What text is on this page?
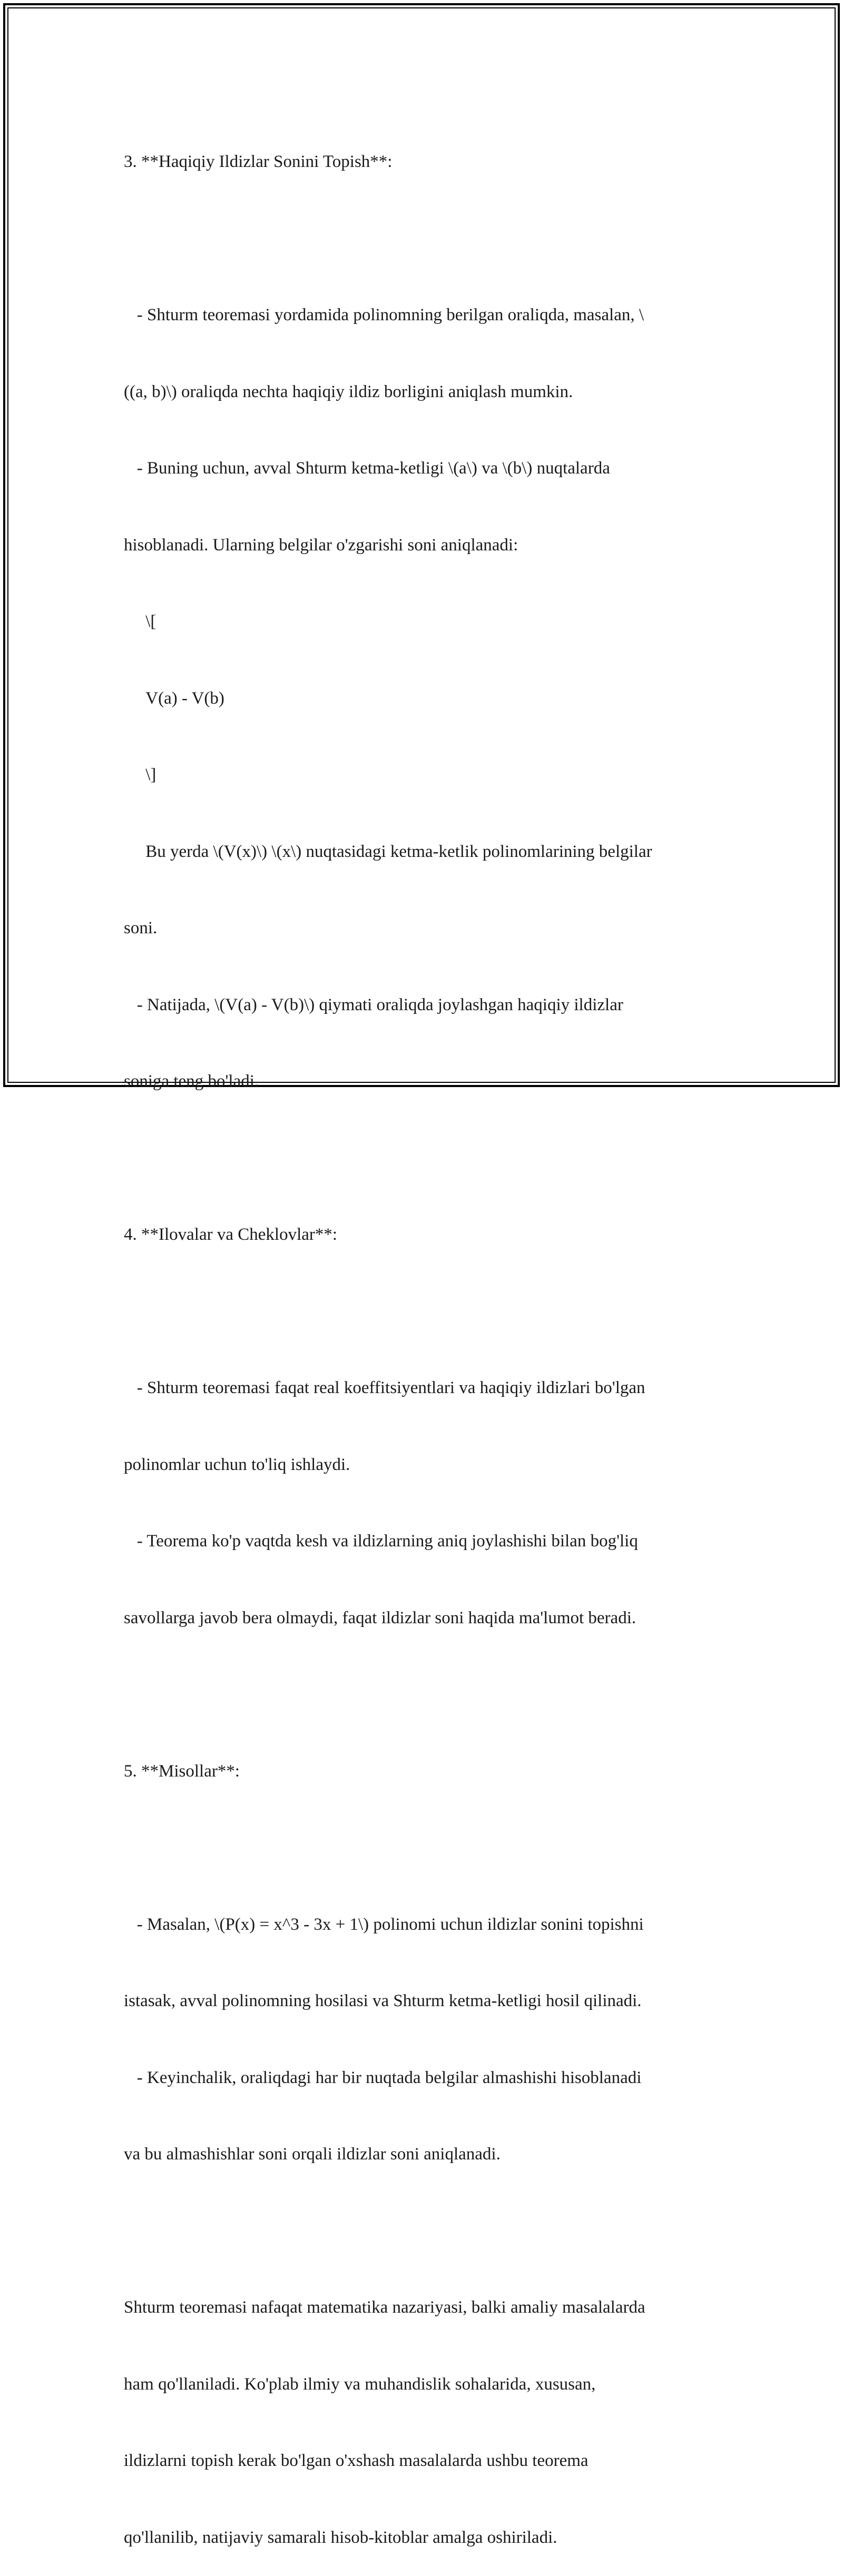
3. **Haqiqiy Ildizlar Sonini Topish**:

- Shturm teoremasi yordamida polinomning berilgan oraliqda, masalan, \

((a, b)\) oraliqda nechta haqiqiy ildiz borligini aniqlash mumkin.

- Buning uchun, avval Shturm ketma-ketligi \(a\) va \(b\) nuqtalarda

hisoblanadi. Ularning belgilar o'zgarishi soni aniqlanadi:

\[

V(a) - V(b)

\]

Bu yerda \(V(x)\) \(x\) nuqtasidagi ketma-ketlik polinomlarining belgilar

soni.

- Natijada, \(V(a) - V(b)\) qiymati oraliqda joylashgan haqiqiy ildizlar

soniga teng bo'ladi.

4. **Ilovalar va Cheklovlar**:

- Shturm teoremasi faqat real koeffitsiyentlari va haqiqiy ildizlari bo'lgan

polinomlar uchun to'liq ishlaydi.

- Teorema ko'p vaqtda kesh va ildizlarning aniq joylashishi bilan bog'liq

savollarga javob bera olmaydi, faqat ildizlar soni haqida ma'lumot beradi.

5. **Misollar**:

- Masalan, \(P(x) = x^3 - 3x + 1\) polinomi uchun ildizlar sonini topishni

istasak, avval polinomning hosilasi va Shturm ketma-ketligi hosil qilinadi.

- Keyinchalik, oraliqdagi har bir nuqtada belgilar almashishi hisoblanadi

va bu almashishlar soni orqali ildizlar soni aniqlanadi.

Shturm teoremasi nafaqat matematika nazariyasi, balki amaliy masalalarda

ham qo'llaniladi. Ko'plab ilmiy va muhandislik sohalarida, xususan,

ildizlarni topish kerak bo'lgan o'xshash masalalarda ushbu teorema

qo'llanilib, natijaviy samarali hisob-kitoblar amalga oshiriladi.
